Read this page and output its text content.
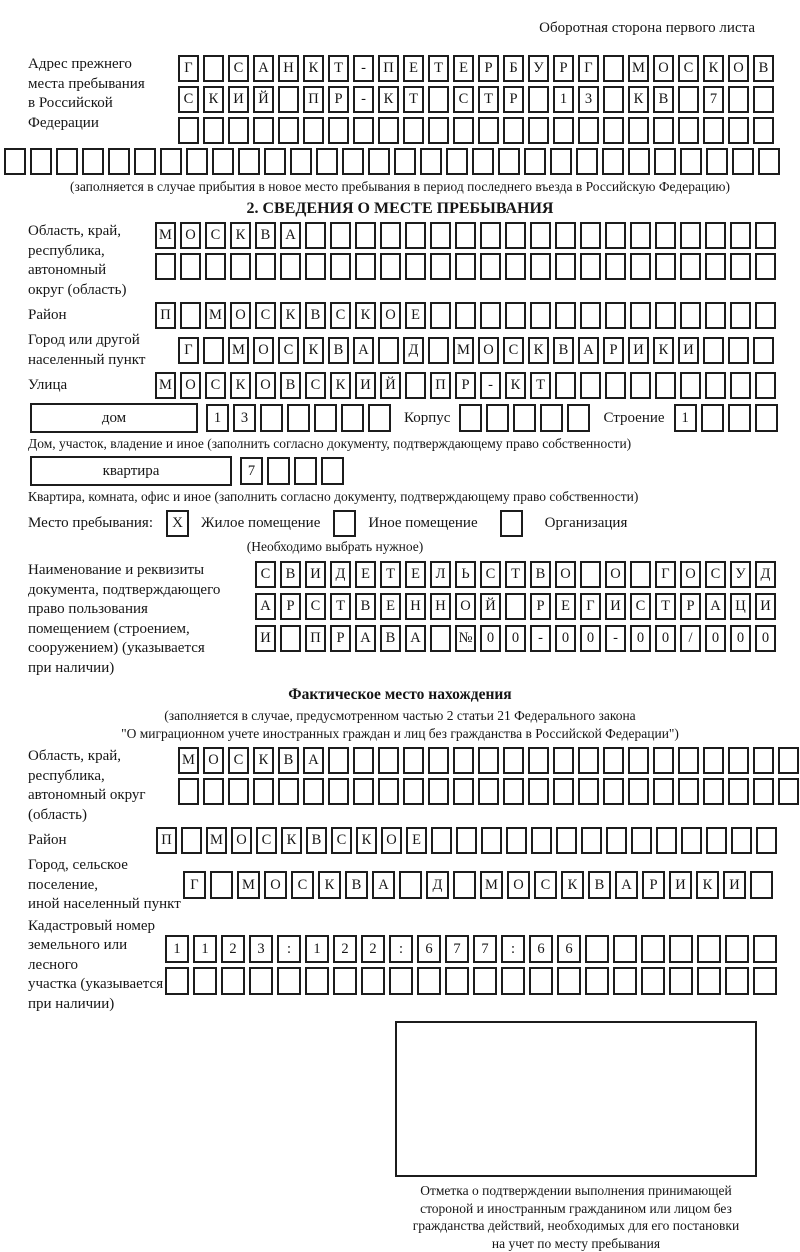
Оборотная сторона первого листа
Адрес прежнего
места пребывания
в Российской
Федерации
Г	С	А	Н	К	Т	-	П	Е	Т	Е	Р	Б	У	Р	Г	М О	С	К	О	В
С	К	И	Й	П	Р	-	К	Т	С	Т	Р	1	3	К	В	7
(заполняется в случае прибытия в новое место пребывания в период последнего въезда в Российскую Федерацию)
2. СВЕДЕНИЯ О МЕСТЕ ПРЕБЫВАНИЯ
Область, край,
республика,
автономный
округ (область)
М О	С	К	В	А
Район	П	М О	С	К	В	С	К	О	Е
Город или другой
населенный пункт
Г	М О	С	К	В	А	Д	М О	С	К	В	А	Р	И	К	И
Улица	М О	С	К	О	В	С	К	И	Й	П	Р	-	К	Т
дом	1	3	Корпус	Строение	1
Дом, участок, владение и иное (заполнить согласно документу, подтверждающему право собственности)
квартира	7
Квартира, комната, офис и иное (заполнить согласно документу, подтверждающему право собственности)
Место пребывания:	X	Жилое помещение	Иное помещение	Организация
(Необходимо выбрать нужное)
Наименование и реквизиты
документа, подтверждающего
право пользования
помещением (строением,
сооружением) (указывается
при наличии)
С	В	И	Д	Е	Т	Е	Л	Ь	С	Т	В	О	О	Г	О	С	У	Д
А	Р	С	Т	В	Е	Н	Н	О	Й	Р	Е	Г	И	С	Т	Р	А	Ц	И
И	П	Р	А	В	А	№ 0	0	-	0	0	-	0	0	/	0	0	0
Фактическое место нахождения
(заполняется в случае, предусмотренном частью 2 статьи 21 Федерального закона
"О миграционном учете иностранных граждан и лиц без гражданства в Российской Федерации")
Область, край,
республика,
автономный округ
(область)
М О	С	К	В	А
Район	П	М О	С	К	В	С	К	О	Е
Город, сельское поселение,
иной населенный пункт
Г	М	О	С	К	В	А	Д	М	О	С	К	В	А	Р	И	К	И
Кадастровый номер
земельного или лесного
участка (указывается
при наличии)
1	1	2	3	:	1	2	2	:	6	7	7	:	6	6
Отметка о подтверждении выполнения принимающей
стороной и иностранным гражданином или лицом без
гражданства действий, необходимых для его постановки
на учет по месту пребывания
